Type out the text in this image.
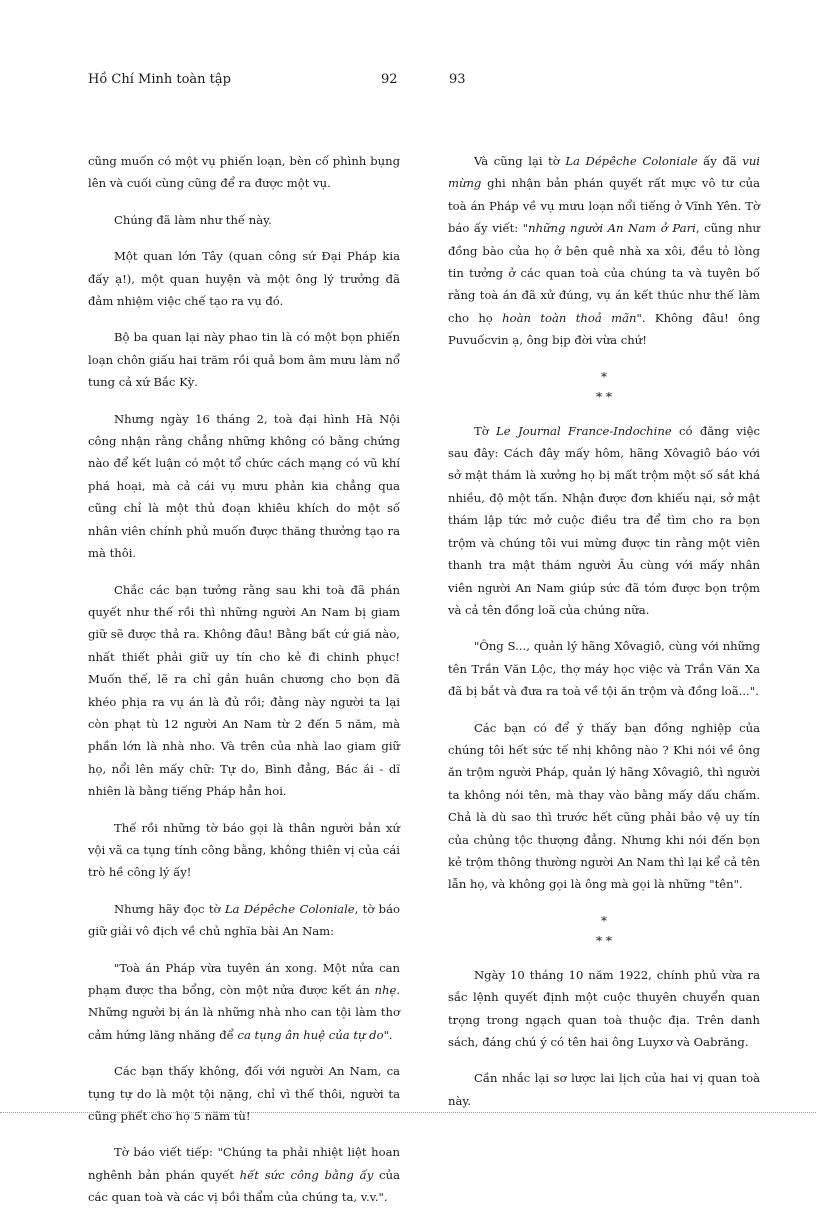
Hồ Chí Minh toàn tập	92	93

cũng muốn có một vụ phiến loạn, bèn cố phình bụng lên và cuối cùng cũng để ra được một vụ.

Chúng đã làm như thế này.

Một quan lớn Tây (quan công sứ Đại Pháp kia đấy ạ!), một quan huyện và một ông lý trưởng đã đảm nhiệm việc chế tạo ra vụ đó.

Bộ ba quan lại này phao tin là có một bọn phiến loạn chôn giấu hai trăm rồi quả bom âm mưu làm nổ tung cả xứ Bắc Kỳ.

Nhưng ngày 16 tháng 2, toà đại hình Hà Nội công nhận rằng chẳng những không có bằng chứng nào để kết luận có một tổ chức cách mạng có vũ khí phá hoại, mà cả cái vụ mưu phản kia chẳng qua cũng chỉ là một thủ đoạn khiêu khích do một số nhân viên chính phủ muốn được thăng thưởng tạo ra mà thôi.

Chắc các bạn tưởng rằng sau khi toà đã phán quyết như thế rồi thì những người An Nam bị giam giữ sẽ được thả ra. Không đâu! Bằng bất cứ giá nào, nhất thiết phải giữ uy tín cho kẻ đi chinh phục! Muốn thế, lẽ ra chỉ gắn huân chương cho bọn đã khéo phịa ra vụ án là đủ rồi; đằng này người ta lại còn phạt tù 12 người An Nam từ 2 đến 5 năm, mà phần lớn là nhà nho. Và trên của nhà lao giam giữ họ, nổi lên mấy chữ: Tự do, Bình đẳng, Bác ái - dĩ nhiên là bằng tiếng Pháp hẳn hoi.

Thế rồi những tờ báo gọi là thân người bản xứ vội vã ca tụng tính công bằng, không thiên vị của cái trò hề công lý ấy!

Nhưng hãy đọc tờ La Dépêche Coloniale, tờ báo giữ giải vô địch về chủ nghĩa bài An Nam:

"Toà án Pháp vừa tuyên án xong. Một nửa can phạm được tha bổng, còn một nửa được kết án nhẹ. Những người bị án là những nhà nho can tội làm thơ cảm hứng lăng nhăng để ca tụng ân huệ của tự do".

Các bạn thấy không, đối với người An Nam, ca tụng tự do là một tội nặng, chỉ vì thế thôi, người ta cũng phết cho họ 5 năm tù!

Tờ báo viết tiếp: "Chúng ta phải nhiệt liệt hoan nghênh bản phán quyết hết sức công bằng ấy của các quan toà và các vị bồi thẩm của chúng ta, v.v.".

Và cũng lại tờ La Dépêche Coloniale ấy đã vui mừng ghi nhận bản phán quyết rất mực vô tư của toà án Pháp về vụ mưu loạn nổi tiếng ở Vĩnh Yên. Tờ báo ấy viết: "những người An Nam ở Pari, cũng như đồng bào của họ ở bên quê nhà xa xôi, đều tỏ lòng tin tưởng ở các quan toà của chúng ta và tuyên bố rằng toà án đã xử đúng, vụ án kết thúc như thế làm cho họ hoàn toàn thoả mãn". Không đâu! ông Puvuốcvin ạ, ông bịp đời vừa chứ!

*
* *

Tờ Le Journal France-Indochine có đăng việc sau đây: Cách đây mấy hôm, hãng Xôvagiô báo với sở mật thám là xưởng họ bị mất trộm một số sắt khá nhiều, độ một tấn. Nhận được đơn khiếu nại, sở mật thám lập tức mở cuộc điều tra để tìm cho ra bọn trộm và chúng tôi vui mừng được tin rằng một viên thanh tra mật thám người Âu cùng với mấy nhân viên người An Nam giúp sức đã tóm được bọn trộm và cả tên đồng loã của chúng nữa.

"Ông S..., quản lý hãng Xôvagiô, cùng với những tên Trần Văn Lộc, thợ máy học việc và Trần Văn Xa đã bị bắt và đưa ra toà về tội ăn trộm và đồng loã...".

Các bạn có để ý thấy bạn đồng nghiệp của chúng tôi hết sức tế nhị không nào ? Khi nói về ông ăn trộm người Pháp, quản lý hãng Xôvagiô, thì người ta không nói tên, mà thay vào bằng mấy dấu chấm. Chả là dù sao thì trước hết cũng phải bảo vệ uy tín của chủng tộc thượng đẳng. Nhưng khi nói đến bọn kẻ trộm thông thường người An Nam thì lại kể cả tên lẫn họ, và không gọi là ông mà gọi là những "tên".

*
* *

Ngày 10 tháng 10 năm 1922, chính phủ vừa ra sắc lệnh quyết định một cuộc thuyên chuyển quan trọng trong ngạch quan toà thuộc địa. Trên danh sách, đáng chú ý có tên hai ông Luyxơ và Oabrăng.

Cần nhắc lại sơ lược lai lịch của hai vị quan toà này.
